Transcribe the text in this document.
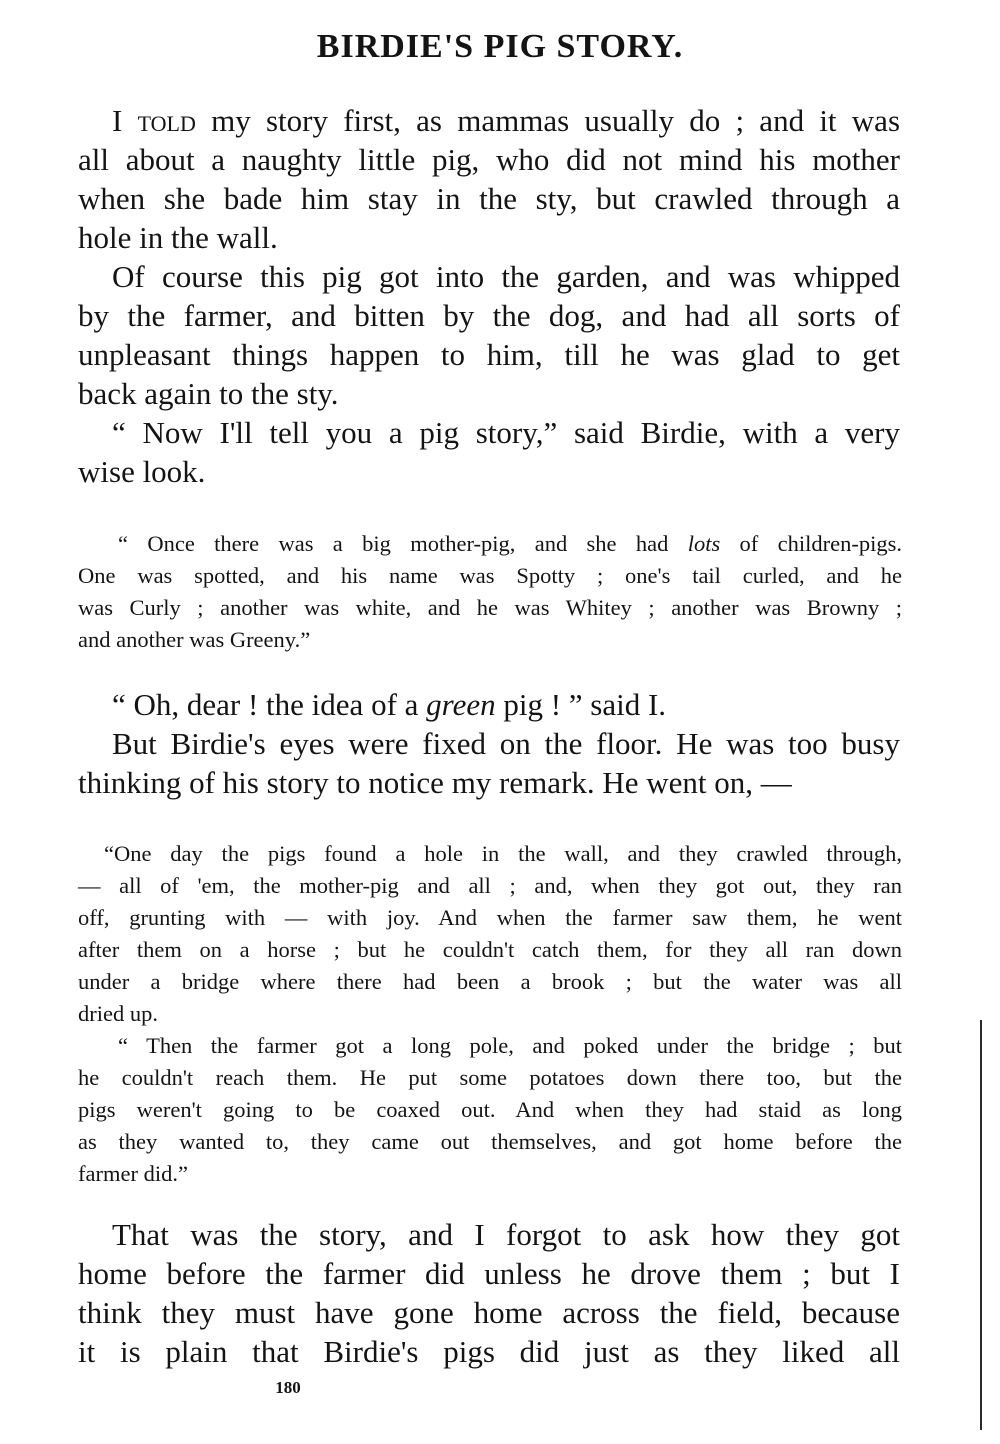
BIRDIE'S PIG STORY.

I told my story first, as mammas usually do ; and it was

all about a naughty little pig, who did not mind his mother

when she bade him stay in the sty, but crawled through a

hole in the wall.

Of course this pig got into the garden, and was whipped

by the farmer, and bitten by the dog, and had all sorts of

unpleasant things happen to him, till he was glad to get

back again to the sty.

“ Now I'll tell you a pig story,” said Birdie, with a very

wise look.

“ Once there was a big mother-pig, and she had lots of children-pigs.

One was spotted, and his name was Spotty ; one's tail curled, and he

was Curly ; another was white, and he was Whitey ; another was Browny ;

and another was Greeny.”

“ Oh, dear ! the idea of a green pig ! ” said I.

But Birdie's eyes were fixed on the floor. He was too busy

thinking of his story to notice my remark. He went on, —

“One day the pigs found a hole in the wall, and they crawled through,

— all of 'em, the mother-pig and all ; and, when they got out, they ran

off, grunting with — with joy. And when the farmer saw them, he went

after them on a horse ; but he couldn't catch them, for they all ran down

under a bridge where there had been a brook ; but the water was all

dried up.

“ Then the farmer got a long pole, and poked under the bridge ; but

he couldn't reach them. He put some potatoes down there too, but the

pigs weren't going to be coaxed out. And when they had staid as long

as they wanted to, they came out themselves, and got home before the

farmer did.”

That was the story, and I forgot to ask how they got

home before the farmer did unless he drove them ; but I

think they must have gone home across the field, because

it is plain that Birdie's pigs did just as they liked all

180
